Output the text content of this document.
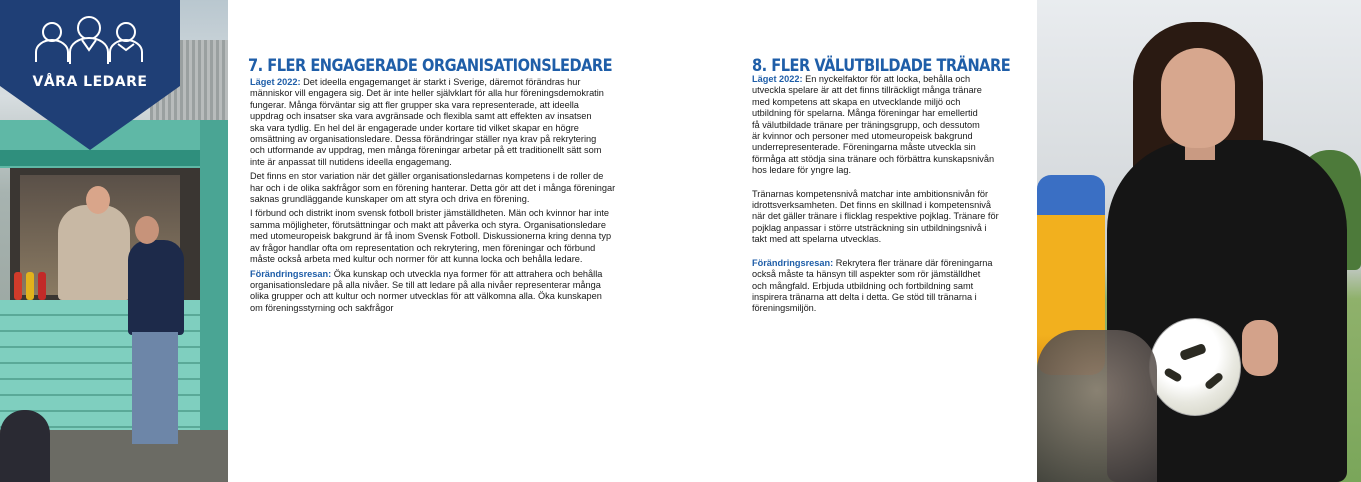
VÅRA LEDARE
7. FLER ENGAGERADE ORGANISATIONSLEDARE

Läget 2022: Det ideella engagemanget är starkt i Sverige, däremot förändras hur
människor vill engagera sig. Det är inte heller självklart för alla hur föreningsdemokratin
fungerar. Många förväntar sig att fler grupper ska vara representerade, att ideella
uppdrag och insatser ska vara avgränsade och flexibla samt att effekten av insatsen
ska vara tydlig. En hel del är engagerade under kortare tid vilket skapar en högre
omsättning av organisationsledare. Dessa förändringar ställer nya krav på rekrytering
och utformande av uppdrag, men många föreningar arbetar på ett traditionellt sätt som
inte är anpassat till nutidens ideella engagemang.

Det finns en stor variation när det gäller organisationsledarnas kompetens i de roller de
har och i de olika sakfrågor som en förening hanterar. Detta gör att det i många föreningar
saknas grundläggande kunskaper om att styra och driva en förening.

I förbund och distrikt inom svensk fotboll brister jämställdheten. Män och kvinnor har inte
samma möjligheter, förutsättningar och makt att påverka och styra. Organisationsledare
med utomeuropeisk bakgrund är få inom Svensk Fotboll. Diskussionerna kring denna typ
av frågor handlar ofta om representation och rekrytering, men föreningar och förbund
måste också arbeta med kultur och normer för att kunna locka och behålla ledare.

Förändringsresan: Öka kunskap och utveckla nya former för att attrahera och behålla
organisationsledare på alla nivåer. Se till att ledare på alla nivåer representerar många
olika grupper och att kultur och normer utvecklas för att välkomna alla. Öka kunskapen
om föreningsstyrning och sakfrågor

8. FLER VÄLUTBILDADE TRÄNARE

Läget 2022: En nyckelfaktor för att locka, behålla och
utveckla spelare är att det finns tillräckligt många tränare
med kompetens att skapa en utvecklande miljö och
utbildning för spelarna. Många föreningar har emellertid
få välutbildade tränare per träningsgrupp, och dessutom
är kvinnor och personer med utomeuropeisk bakgrund
underrepresenterade. Föreningarna måste utveckla sin
förmåga att stödja sina tränare och förbättra kunskapsnivån
hos ledare för yngre lag.

Tränarnas kompetensnivå matchar inte ambitionsnivån för
idrottsverksamheten. Det finns en skillnad i kompetensnivå
när det gäller tränare i flicklag respektive pojklag. Tränare för
pojklag anpassar i större utsträckning sin utbildningsnivå i
takt med att spelarna utvecklas.

Förändringsresan: Rekrytera fler tränare där föreningarna
också måste ta hänsyn till aspekter som rör jämställdhet
och mångfald. Erbjuda utbildning och fortbildning samt
inspirera tränarna att delta i detta. Ge stöd till tränarna i
föreningsmiljön.
